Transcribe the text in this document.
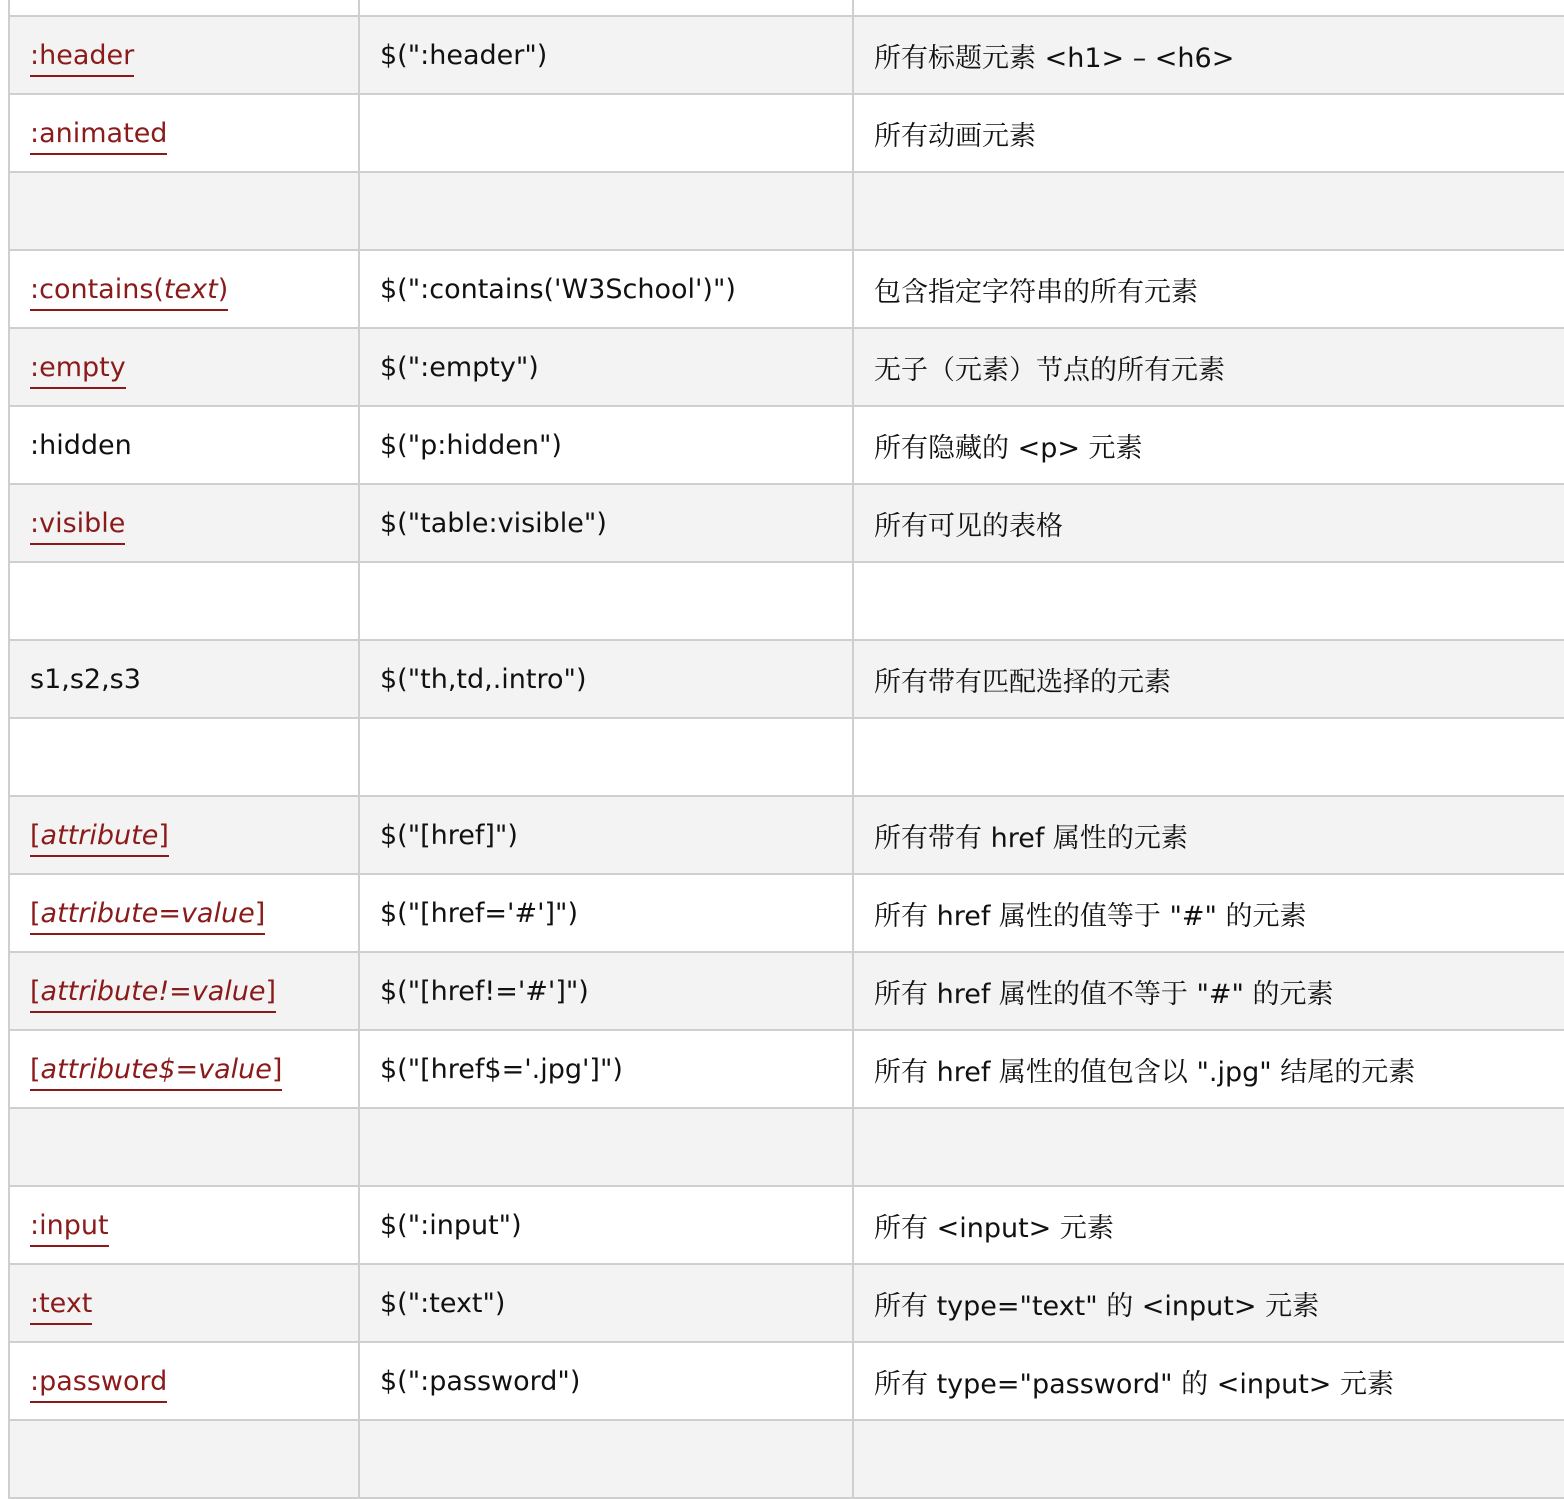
:header	$(":header")	所有标题元素 <h1> – <h6>
:animated		所有动画元素

:contains(text)	$(":contains('W3School')")	包含指定字符串的所有元素
:empty	$(":empty")	无子（元素）节点的所有元素
:hidden	$("p:hidden")	所有隐藏的 <p> 元素
:visible	$("table:visible")	所有可见的表格

s1,s2,s3	$("th,td,.intro")	所有带有匹配选择的元素

[attribute]	$("[href]")	所有带有 href 属性的元素
[attribute=value]	$("[href='#']")	所有 href 属性的值等于 "#" 的元素
[attribute!=value]	$("[href!='#']")	所有 href 属性的值不等于 "#" 的元素
[attribute$=value]	$("[href$='.jpg']")	所有 href 属性的值包含以 ".jpg" 结尾的元素

:input	$(":input")	所有 <input> 元素
:text	$(":text")	所有 type="text" 的 <input> 元素
:password	$(":password")	所有 type="password" 的 <input> 元素
